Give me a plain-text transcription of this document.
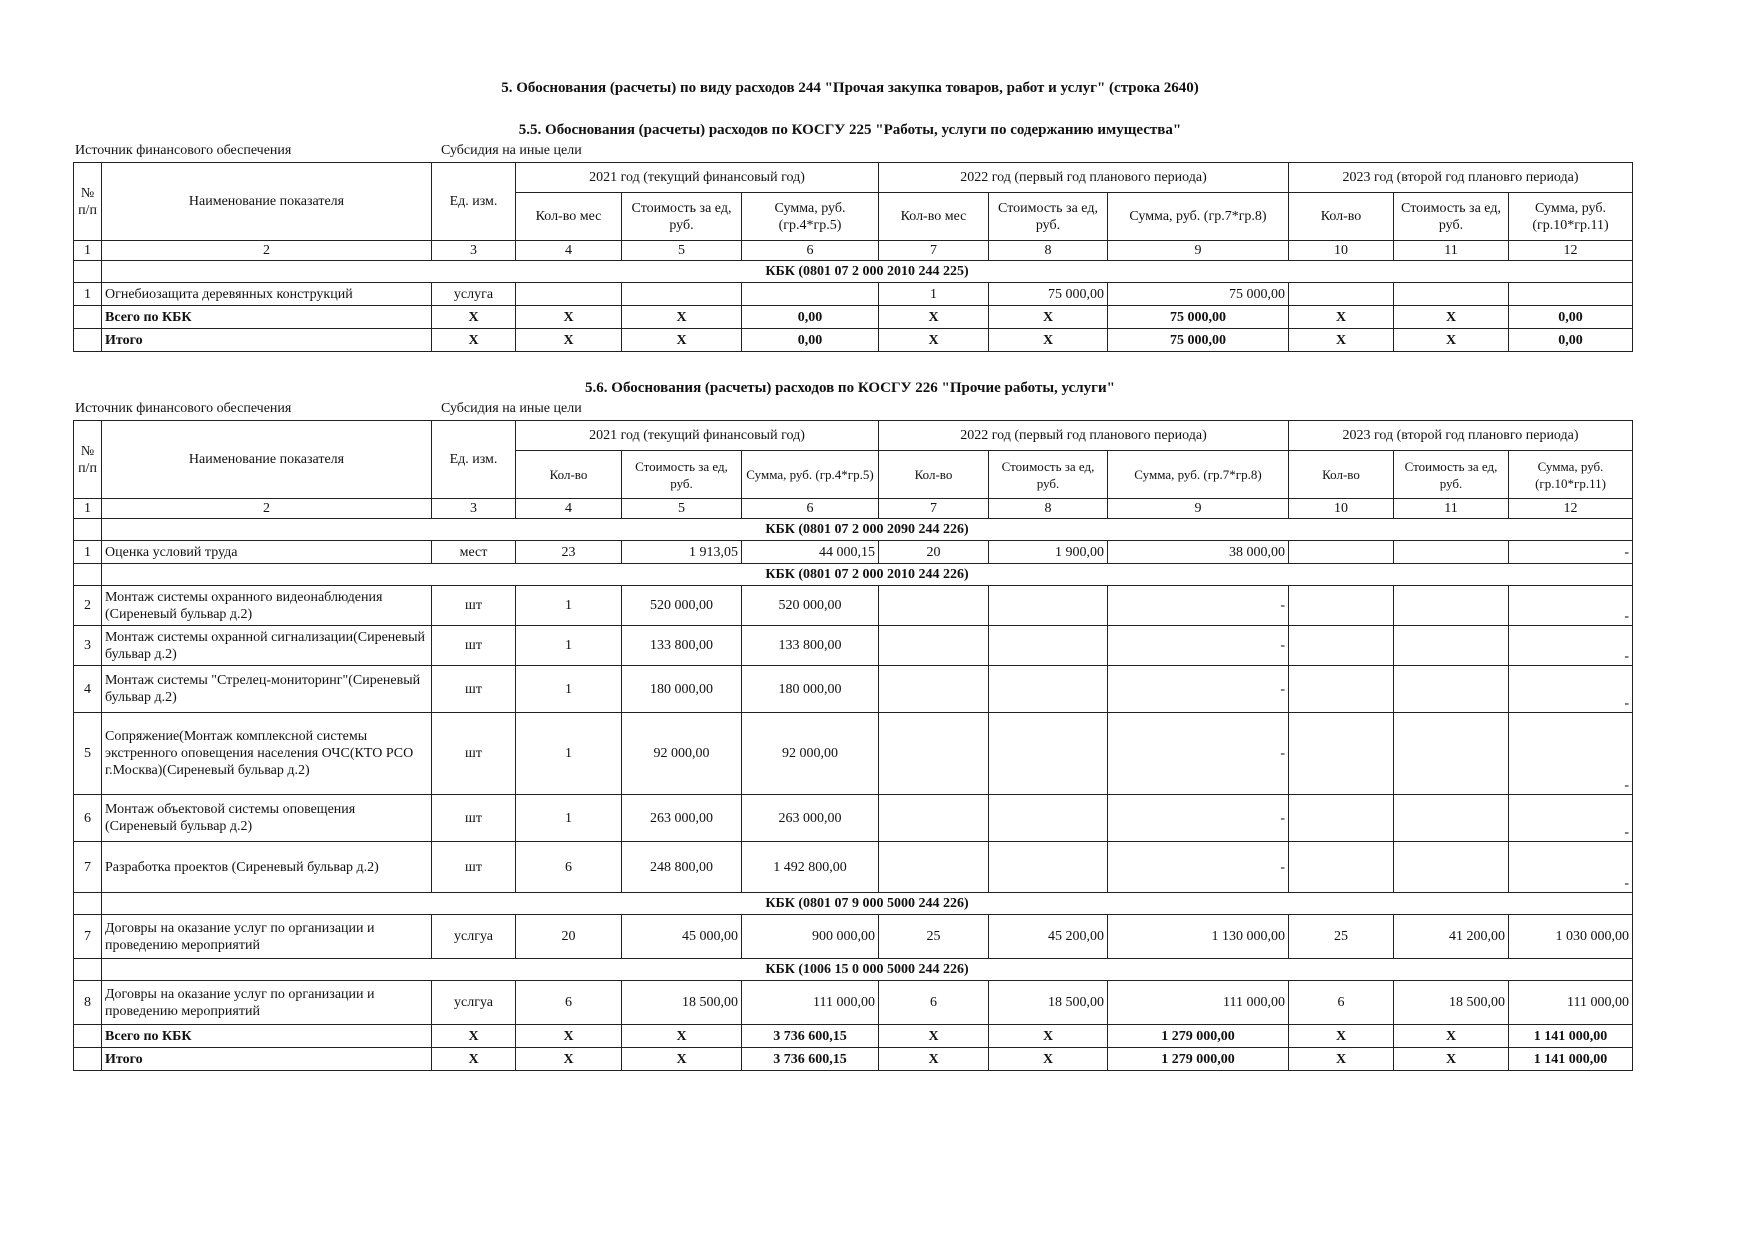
5. Обоснования (расчеты) по виду расходов 244 "Прочая закупка товаров, работ и услуг" (строка 2640)
5.5. Обоснования (расчеты) расходов по КОСГУ 225 "Работы, услуги по содержанию имущества"
Источник финансового обеспечения	Субсидия на иные цели
№ п/п	Наименование показателя	Ед. изм.	2021 год (текущий финансовый год)			2022 год (первый год планового периода)			2023 год (второй год плановго периода)		
			Кол-во мес	Стоимость за ед, руб.	Сумма, руб. (гр.4*гр.5)	Кол-во мес	Стоимость за ед, руб.	Сумма, руб. (гр.7*гр.8)	Кол-во	Стоимость за ед, руб.	Сумма, руб. (гр.10*гр.11)
1	2	3	4	5	6	7	8	9	10	11	12
	КБК (0801 07 2 000 2010 244 225)										
1	Огнебиозащита деревянных конструкций	услуга				1	75 000,00	75 000,00			
	Всего по КБК	X	X	X	0,00	X	X	75 000,00	X	X	0,00
	Итого	X	X	X	0,00	X	X	75 000,00	X	X	0,00
5.6. Обоснования (расчеты) расходов по КОСГУ 226 "Прочие работы, услуги"
Источник финансового обеспечения	Субсидия на иные цели
№ п/п	Наименование показателя	Ед. изм.	2021 год (текущий финансовый год)			2022 год (первый год планового периода)			2023 год (второй год плановго периода)		
			Кол-во	Стоимость за ед, руб.	Сумма, руб. (гр.4*гр.5)	Кол-во	Стоимость за ед, руб.	Сумма, руб. (гр.7*гр.8)	Кол-во	Стоимость за ед, руб.	Сумма, руб. (гр.10*гр.11)
1	2	3	4	5	6	7	8	9	10	11	12
	КБК (0801 07 2 000 2090 244 226)										
1	Оценка условий труда	мест	23	1 913,05	44 000,15	20	1 900,00	38 000,00			-
	КБК (0801 07 2 000 2010 244 226)										
2	Монтаж системы охранного видеонаблюдения (Сиреневый бульвар д.2)	шт	1	520 000,00	520 000,00			-			-
3	Монтаж системы охранной сигнализации(Сиреневый бульвар д.2)	шт	1	133 800,00	133 800,00			-			-
4	Монтаж системы "Стрелец-мониторинг"(Сиреневый бульвар д.2)	шт	1	180 000,00	180 000,00			-			-
5	Сопряжение(Монтаж комплексной системы экстренного оповещения населения ОЧС(КТО РСО г.Москва)(Сиреневый бульвар д.2)	шт	1	92 000,00	92 000,00			-			-
6	Монтаж объектовой системы оповещения (Сиреневый бульвар д.2)	шт	1	263 000,00	263 000,00			-			-
7	Разработка проектов (Сиреневый бульвар д.2)	шт	6	248 800,00	1 492 800,00			-			-
	КБК (0801 07 9 000 5000 244 226)										
7	Договры на оказание услуг по организации и проведению мероприятий	услгуа	20	45 000,00	900 000,00	25	45 200,00	1 130 000,00	25	41 200,00	1 030 000,00
	КБК (1006 15 0 000 5000 244 226)										
8	Договры на оказание услуг по организации и проведению мероприятий	услгуа	6	18 500,00	111 000,00	6	18 500,00	111 000,00	6	18 500,00	111 000,00
	Всего по КБК	X	X	X	3 736 600,15	X	X	1 279 000,00	X	X	1 141 000,00
	Итого	X	X	X	3 736 600,15	X	X	1 279 000,00	X	X	1 141 000,00
